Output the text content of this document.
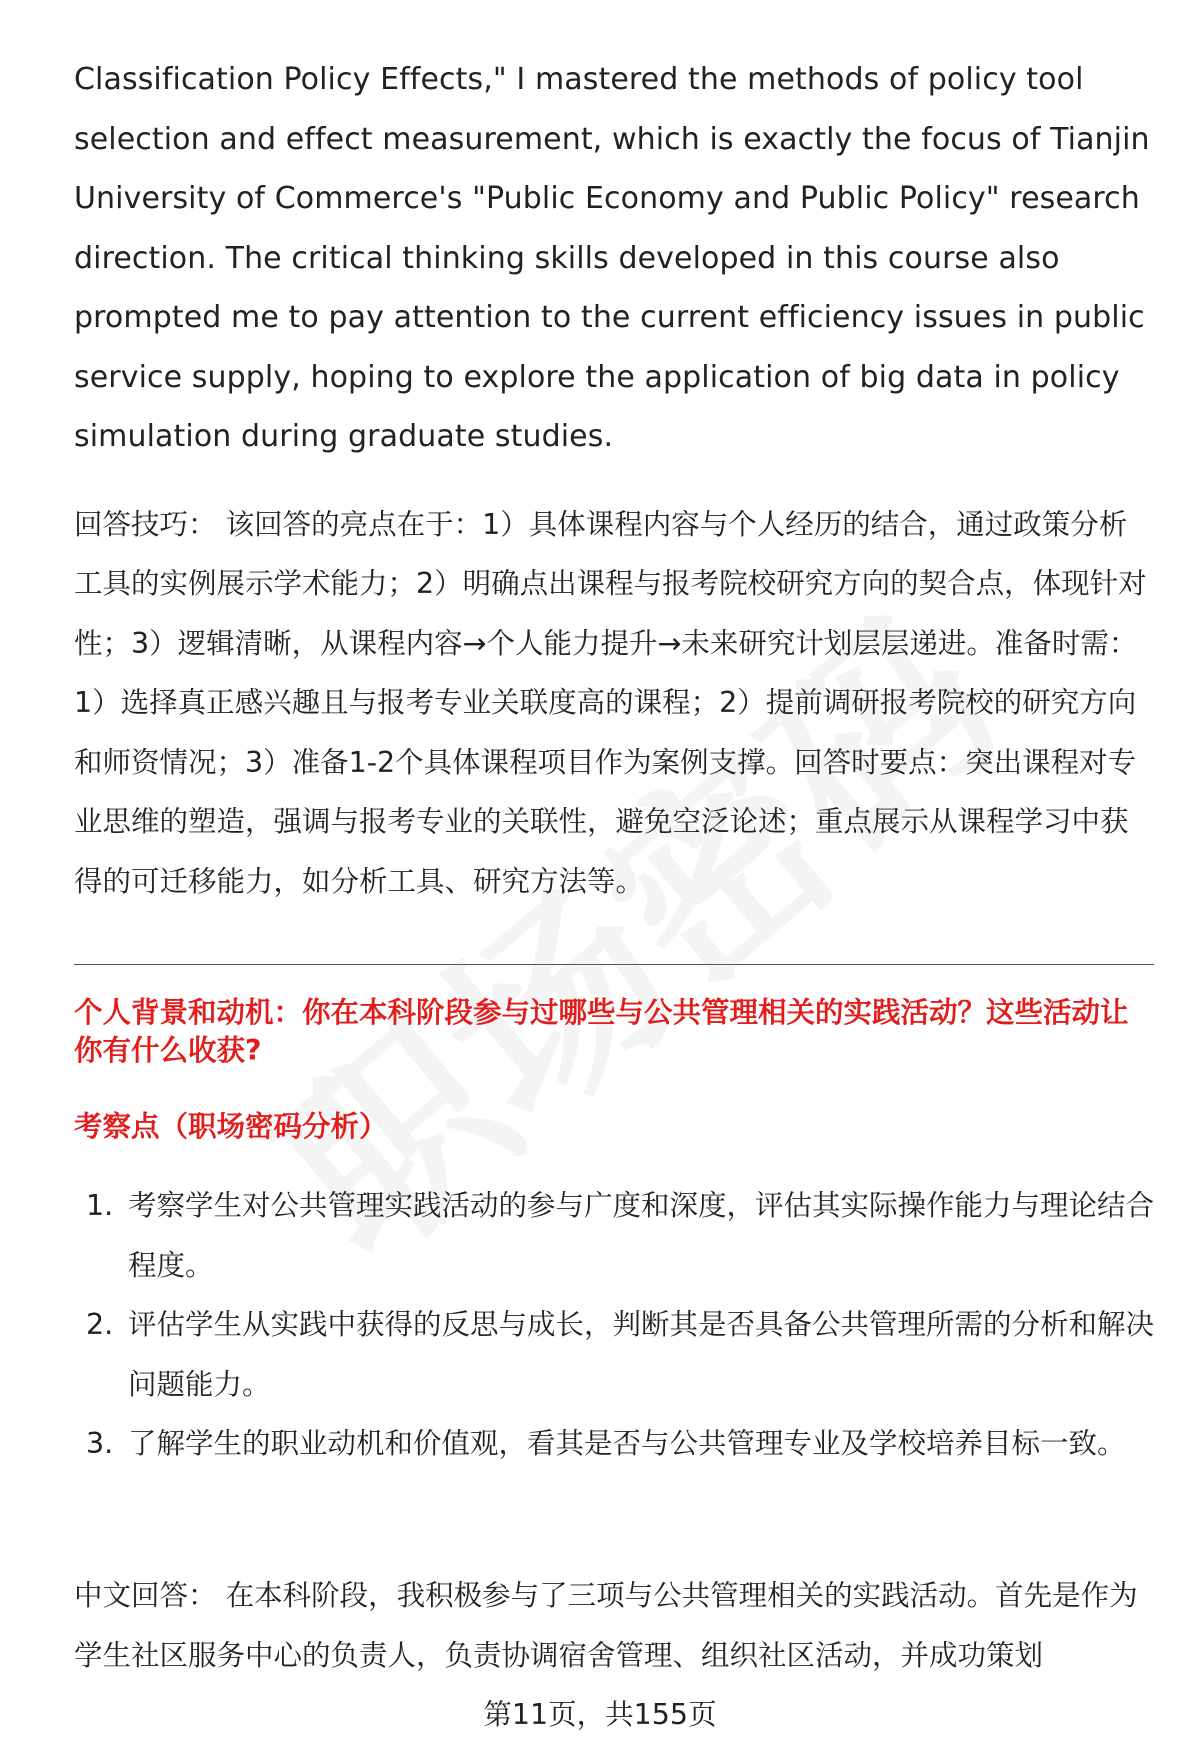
Classification Policy Effects," I mastered the methods of policy tool selection and effect measurement, which is exactly the focus of Tianjin University of Commerce's "Public Economy and Public Policy" research direction. The critical thinking skills developed in this course also prompted me to pay attention to the current efficiency issues in public service supply, hoping to explore the application of big data in policy simulation during graduate studies.

回答技巧： 该回答的亮点在于：1）具体课程内容与个人经历的结合，通过政策分析工具的实例展示学术能力；2）明确点出课程与报考院校研究方向的契合点，体现针对性；3）逻辑清晰，从课程内容→个人能力提升→未来研究计划层层递进。准备时需：1）选择真正感兴趣且与报考专业关联度高的课程；2）提前调研报考院校的研究方向和师资情况；3）准备1-2个具体课程项目作为案例支撑。回答时要点：突出课程对专业思维的塑造，强调与报考专业的关联性，避免空泛论述；重点展示从课程学习中获得的可迁移能力，如分析工具、研究方法等。

个人背景和动机：你在本科阶段参与过哪些与公共管理相关的实践活动？这些活动让你有什么收获?

考察点（职场密码分析）

1. 考察学生对公共管理实践活动的参与广度和深度，评估其实际操作能力与理论结合程度。
2. 评估学生从实践中获得的反思与成长，判断其是否具备公共管理所需的分析和解决问题能力。
3. 了解学生的职业动机和价值观，看其是否与公共管理专业及学校培养目标一致。

中文回答： 在本科阶段，我积极参与了三项与公共管理相关的实践活动。首先是作为学生社区服务中心的负责人，负责协调宿舍管理、组织社区活动，并成功策划

第11页，共155页
